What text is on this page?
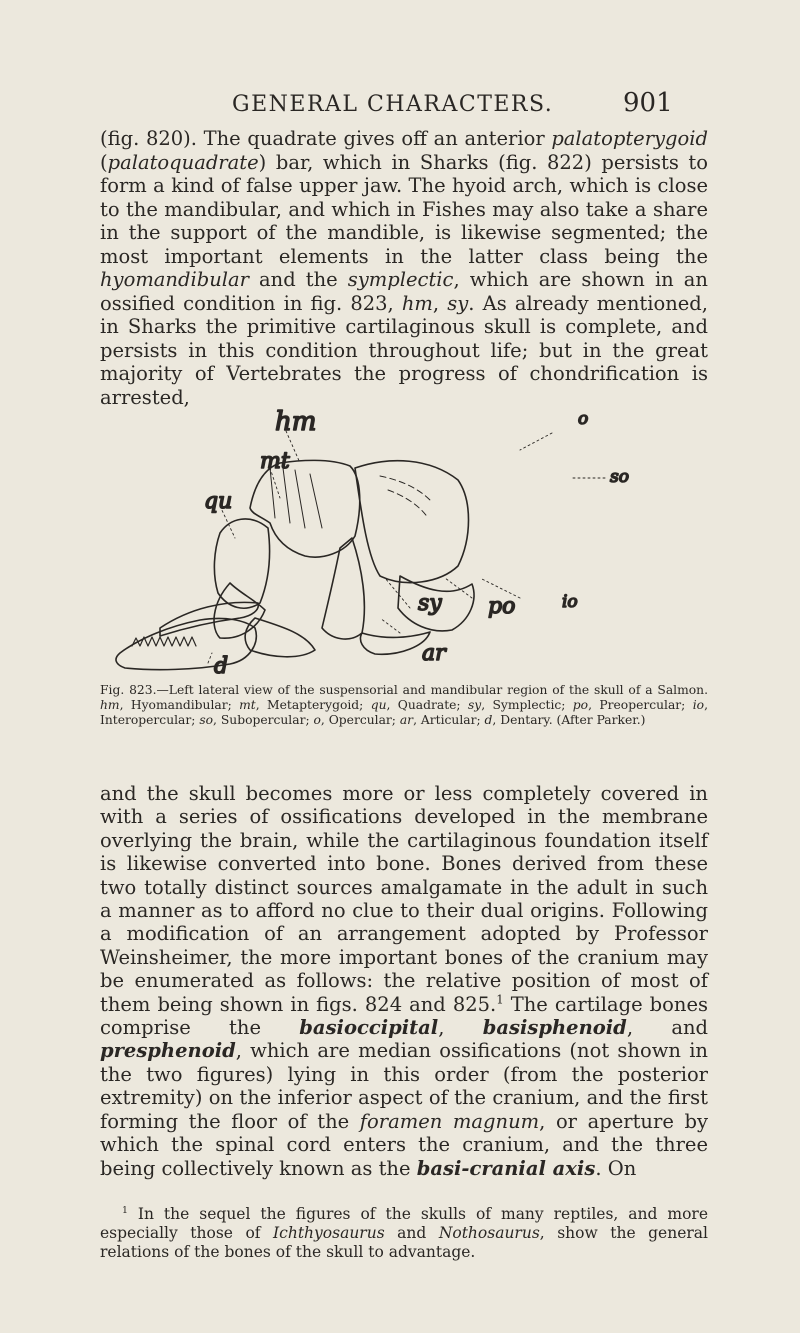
GENERAL CHARACTERS.	901

(fig. 820). The quadrate gives off an anterior palatopterygoid (palatoquadrate) bar, which in Sharks (fig. 822) persists to form a kind of false upper jaw. The hyoid arch, which is close to the mandibular, and which in Fishes may also take a share in the support of the mandible, is likewise segmented; the most important elements in the latter class being the hyomandibular and the symplectic, which are shown in an ossified condition in fig. 823, hm, sy. As already mentioned, in Sharks the primitive cartilaginous skull is complete, and persists in this condition throughout life; but in the great majority of Vertebrates the progress of chondrification is arrested,

hm
mt
qu
o
so
io
po
sy
ar
d

Fig. 823.—Left lateral view of the suspensorial and mandibular region of the skull of a Salmon. hm, Hyomandibular; mt, Metapterygoid; qu, Quadrate; sy, Symplectic; po, Preopercular; io, Interopercular; so, Subopercular; o, Opercular; ar, Articular; d, Dentary. (After Parker.)

and the skull becomes more or less completely covered in with a series of ossifications developed in the membrane overlying the brain, while the cartilaginous foundation itself is likewise converted into bone. Bones derived from these two totally distinct sources amalgamate in the adult in such a manner as to afford no clue to their dual origins. Following a modification of an arrangement adopted by Professor Weinsheimer, the more important bones of the cranium may be enumerated as follows: the relative position of most of them being shown in figs. 824 and 825.$^1$ The cartilage bones comprise the basioccipital, basisphenoid, and presphenoid, which are median ossifications (not shown in the two figures) lying in this order (from the posterior extremity) on the inferior aspect of the cranium, and the first forming the floor of the foramen magnum, or aperture by which the spinal cord enters the cranium, and the three being collectively known as the basi-cranial axis. On

$^1$ In the sequel the figures of the skulls of many reptiles, and more especially those of Ichthyosaurus and Nothosaurus, show the general relations of the bones of the skull to advantage.
